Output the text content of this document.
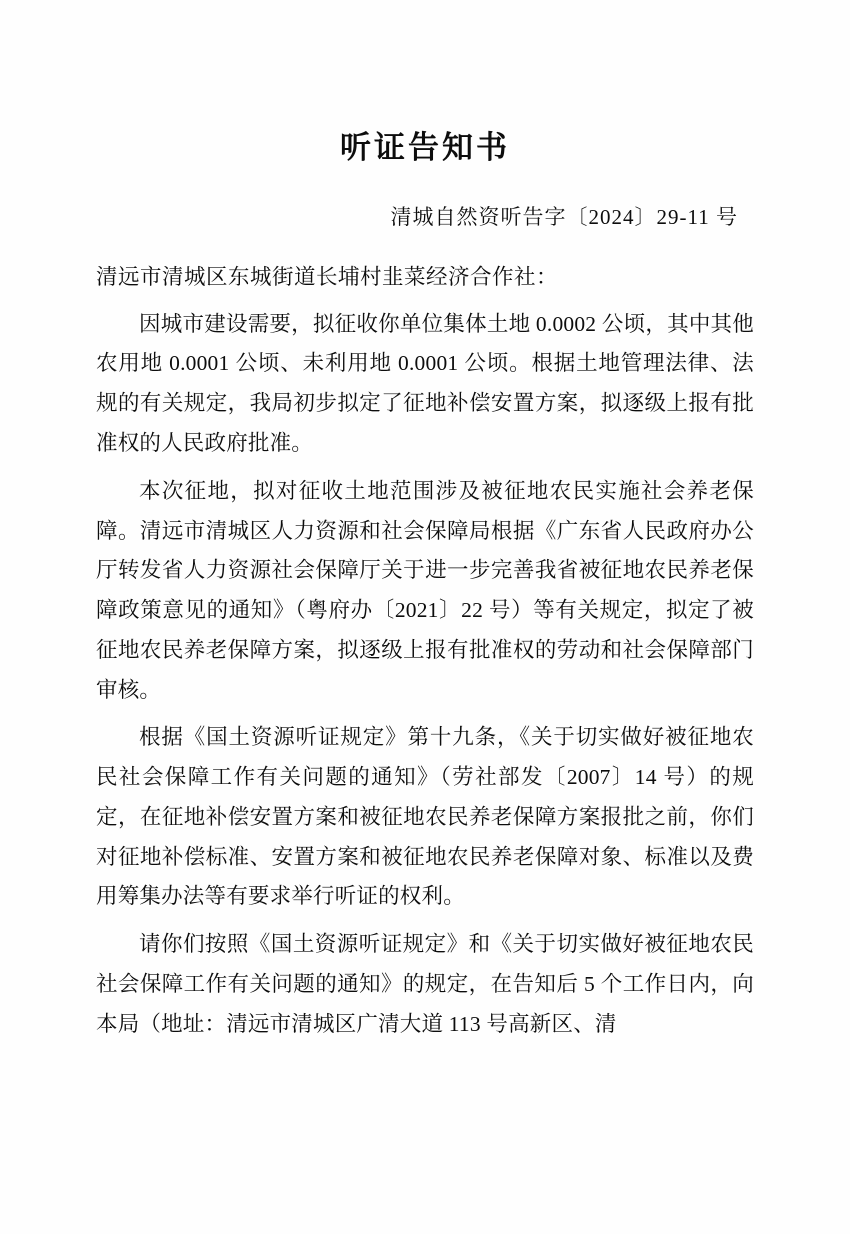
听证告知书
清城自然资听告字〔2024〕29-11 号
清远市清城区东城街道长埔村韭菜经济合作社：

因城市建设需要，拟征收你单位集体土地 0.0002 公顷，其中其他农用地 0.0001 公顷、未利用地 0.0001 公顷。根据土地管理法律、法规的有关规定，我局初步拟定了征地补偿安置方案，拟逐级上报有批准权的人民政府批准。

本次征地，拟对征收土地范围涉及被征地农民实施社会养老保障。清远市清城区人力资源和社会保障局根据《广东省人民政府办公厅转发省人力资源社会保障厅关于进一步完善我省被征地农民养老保障政策意见的通知》（粤府办〔2021〕22 号）等有关规定，拟定了被征地农民养老保障方案，拟逐级上报有批准权的劳动和社会保障部门审核。

根据《国土资源听证规定》第十九条，《关于切实做好被征地农民社会保障工作有关问题的通知》（劳社部发〔2007〕14 号）的规定，在征地补偿安置方案和被征地农民养老保障方案报批之前，你们对征地补偿标准、安置方案和被征地农民养老保障对象、标准以及费用筹集办法等有要求举行听证的权利。

请你们按照《国土资源听证规定》和《关于切实做好被征地农民社会保障工作有关问题的通知》的规定，在告知后 5 个工作日内，向本局（地址：清远市清城区广清大道 113 号高新区、清
